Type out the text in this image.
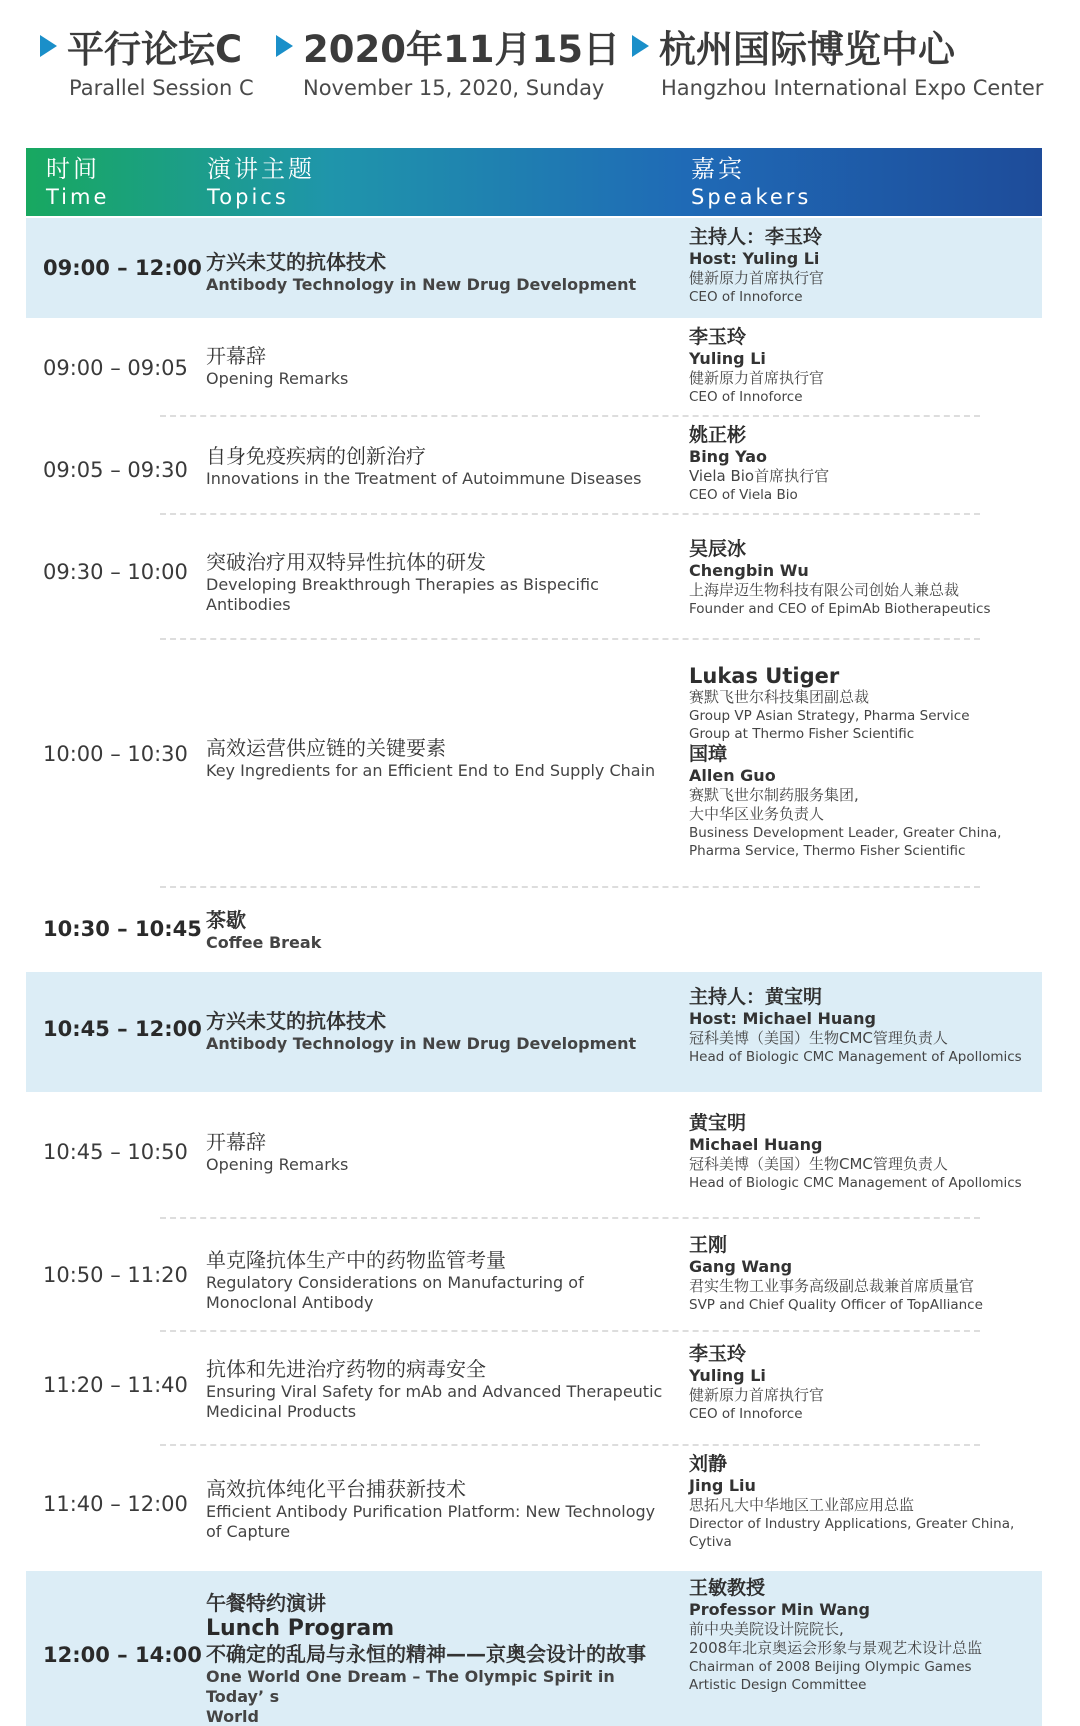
平行论坛C
Parallel Session C
2020年11月15日
November 15, 2020, Sunday
杭州国际博览中心
Hangzhou International Expo Center
时间
Time
演讲主题
Topics
嘉宾
Speakers
09:00 – 12:00 方兴未艾的抗体技术
Antibody Technology in New Drug Development
主持人：李玉玲
Host: Yuling Li
健新原力首席执行官
CEO of Innoforce
09:00 – 09:05 开幕辞
Opening Remarks
李玉玲
Yuling Li
健新原力首席执行官
CEO of Innoforce
09:05 – 09:30
自身免疫疾病的创新治疗
Innovations in the Treatment of Autoimmune Diseases
姚正彬
Bing Yao
Viela Bio首席执行官
CEO of Viela Bio
09:30 – 10:00 突破治疗用双特异性抗体的研发
Developing Breakthrough Therapies as Bispecific Antibodies
吴辰冰
Chengbin Wu
上海岸迈生物科技有限公司创始人兼总裁
Founder and CEO of EpimAb Biotherapeutics
10:00 – 10:30 高效运营供应链的关键要素
Key Ingredients for an Efficient End to End Supply Chain
Lukas Utiger
赛默飞世尔科技集团副总裁
Group VP Asian Strategy, Pharma Service
Group at Thermo Fisher Scientific
国璋
Allen Guo
赛默飞世尔制药服务集团,
大中华区业务负责人
Business Development Leader, Greater China,
Pharma Service, Thermo Fisher Scientific
10:30 – 10:45 茶歇
Coffee Break
10:45 – 12:00 方兴未艾的抗体技术
Antibody Technology in New Drug Development
主持人：黄宝明
Host: Michael Huang
冠科美博（美国）生物CMC管理负责人
Head of Biologic CMC Management of Apollomics
10:45 – 10:50 开幕辞
Opening Remarks
黄宝明
Michael Huang
冠科美博（美国）生物CMC管理负责人
Head of Biologic CMC Management of Apollomics
10:50 – 11:20
单克隆抗体生产中的药物监管考量
Regulatory Considerations on Manufacturing of
Monoclonal Antibody
王刚
Gang Wang
君实生物工业事务高级副总裁兼首席质量官
SVP and Chief Quality Officer of TopAlliance
11:20 – 11:40
抗体和先进治疗药物的病毒安全
Ensuring Viral Safety for mAb and Advanced Therapeutic
Medicinal Products
李玉玲
Yuling Li
健新原力首席执行官
CEO of Innoforce
11:40 – 12:00
高效抗体纯化平台捕获新技术
Efficient Antibody Purification Platform: New Technology
of Capture
刘静
Jing Liu
思拓凡大中华地区工业部应用总监
Director of Industry Applications, Greater China,
Cytiva
12:00 – 14:00
午餐特约演讲
Lunch Program
不确定的乱局与永恒的精神——京奥会设计的故事
One World One Dream – The Olympic Spirit in Today’ s
World
王敏教授
Professor Min Wang
前中央美院设计院院长,
2008年北京奥运会形象与景观艺术设计总监
Chairman of 2008 Beijing Olympic Games
Artistic Design Committee
